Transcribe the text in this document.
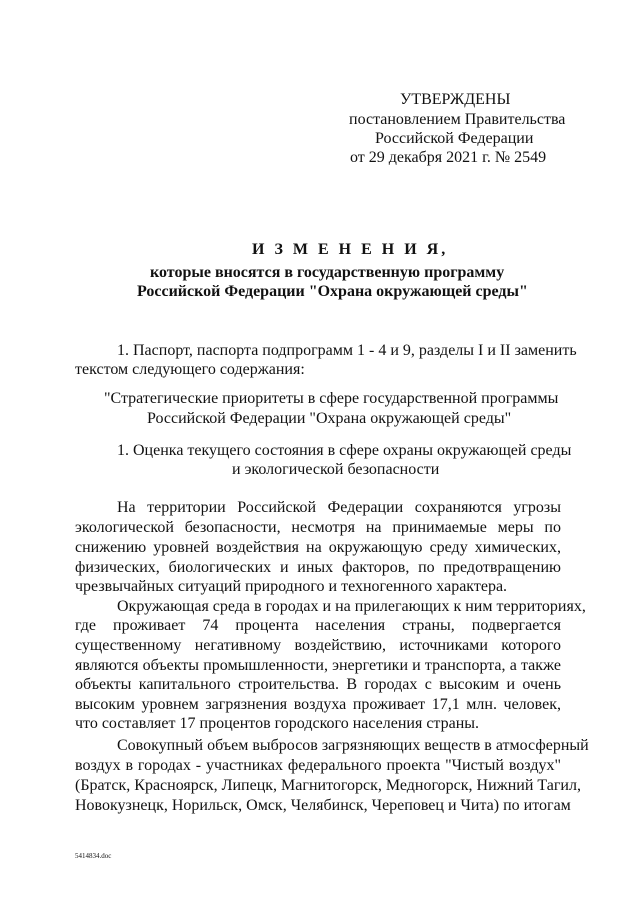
УТВЕРЖДЕНЫ
постановлением Правительства
Российской Федерации
от 29 декабря 2021 г. № 2549
И З М Е Н Е Н И Я,
которые вносятся в государственную программу
Российской Федерации "Охрана окружающей среды"
1. Паспорт, паспорта подпрограмм 1 - 4 и 9, разделы I и II заменить
текстом следующего содержания:
"Стратегические приоритеты в сфере государственной программы
Российской Федерации "Охрана окружающей среды"
1. Оценка текущего состояния в сфере охраны окружающей среды
и экологической безопасности
На территории Российской Федерации сохраняются угрозы
экологической безопасности, несмотря на принимаемые меры по
снижению уровней воздействия на окружающую среду химических,
физических, биологических и иных факторов, по предотвращению
чрезвычайных ситуаций природного и техногенного характера.
Окружающая среда в городах и на прилегающих к ним территориях,
где проживает 74 процента населения страны, подвергается
существенному негативному воздействию, источниками которого
являются объекты промышленности, энергетики и транспорта, а также
объекты капитального строительства. В городах с высоким и очень
высоким уровнем загрязнения воздуха проживает 17,1 млн. человек,
что составляет 17 процентов городского населения страны.
Совокупный объем выбросов загрязняющих веществ в атмосферный
воздух в городах - участниках федерального проекта "Чистый воздух"
(Братск, Красноярск, Липецк, Магнитогорск, Медногорск, Нижний Тагил,
Новокузнецк, Норильск, Омск, Челябинск, Череповец и Чита) по итогам
5414834.doc
